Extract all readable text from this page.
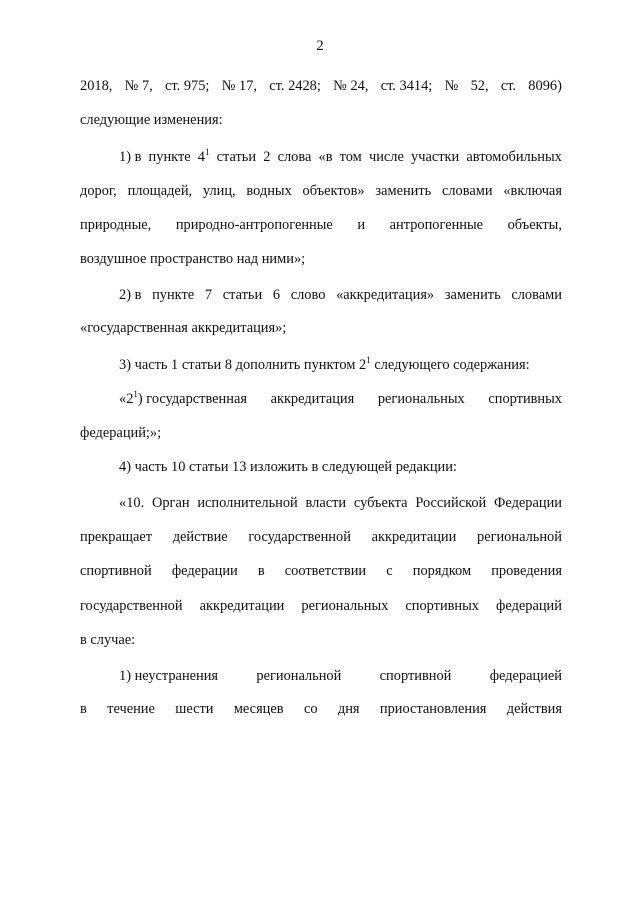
2
2018, № 7, ст. 975; № 17, ст. 2428; № 24, ст. 3414; № 52, ст. 8096)
следующие изменения:
1) в пункте $4^1$ статьи 2 слова «в том числе участки автомобильных
дорог, площадей, улиц, водных объектов» заменить словами «включая
природные, природно-антропогенные и антропогенные объекты,
воздушное пространство над ними»;
2) в пункте 7 статьи 6 слово «аккредитация» заменить словами
«государственная аккредитация»;
3) часть 1 статьи 8 дополнить пунктом $2^1$ следующего содержания:
«$2^1$) государственная аккредитация региональных спортивных
федераций;»;
4) часть 10 статьи 13 изложить в следующей редакции:
«10. Орган исполнительной власти субъекта Российской Федерации
прекращает действие государственной аккредитации региональной
спортивной федерации в соответствии с порядком проведения
государственной аккредитации региональных спортивных федераций
в случае:
1) неустранения	региональной	спортивной	федерацией
в течение шести месяцев со дня приостановления действия
